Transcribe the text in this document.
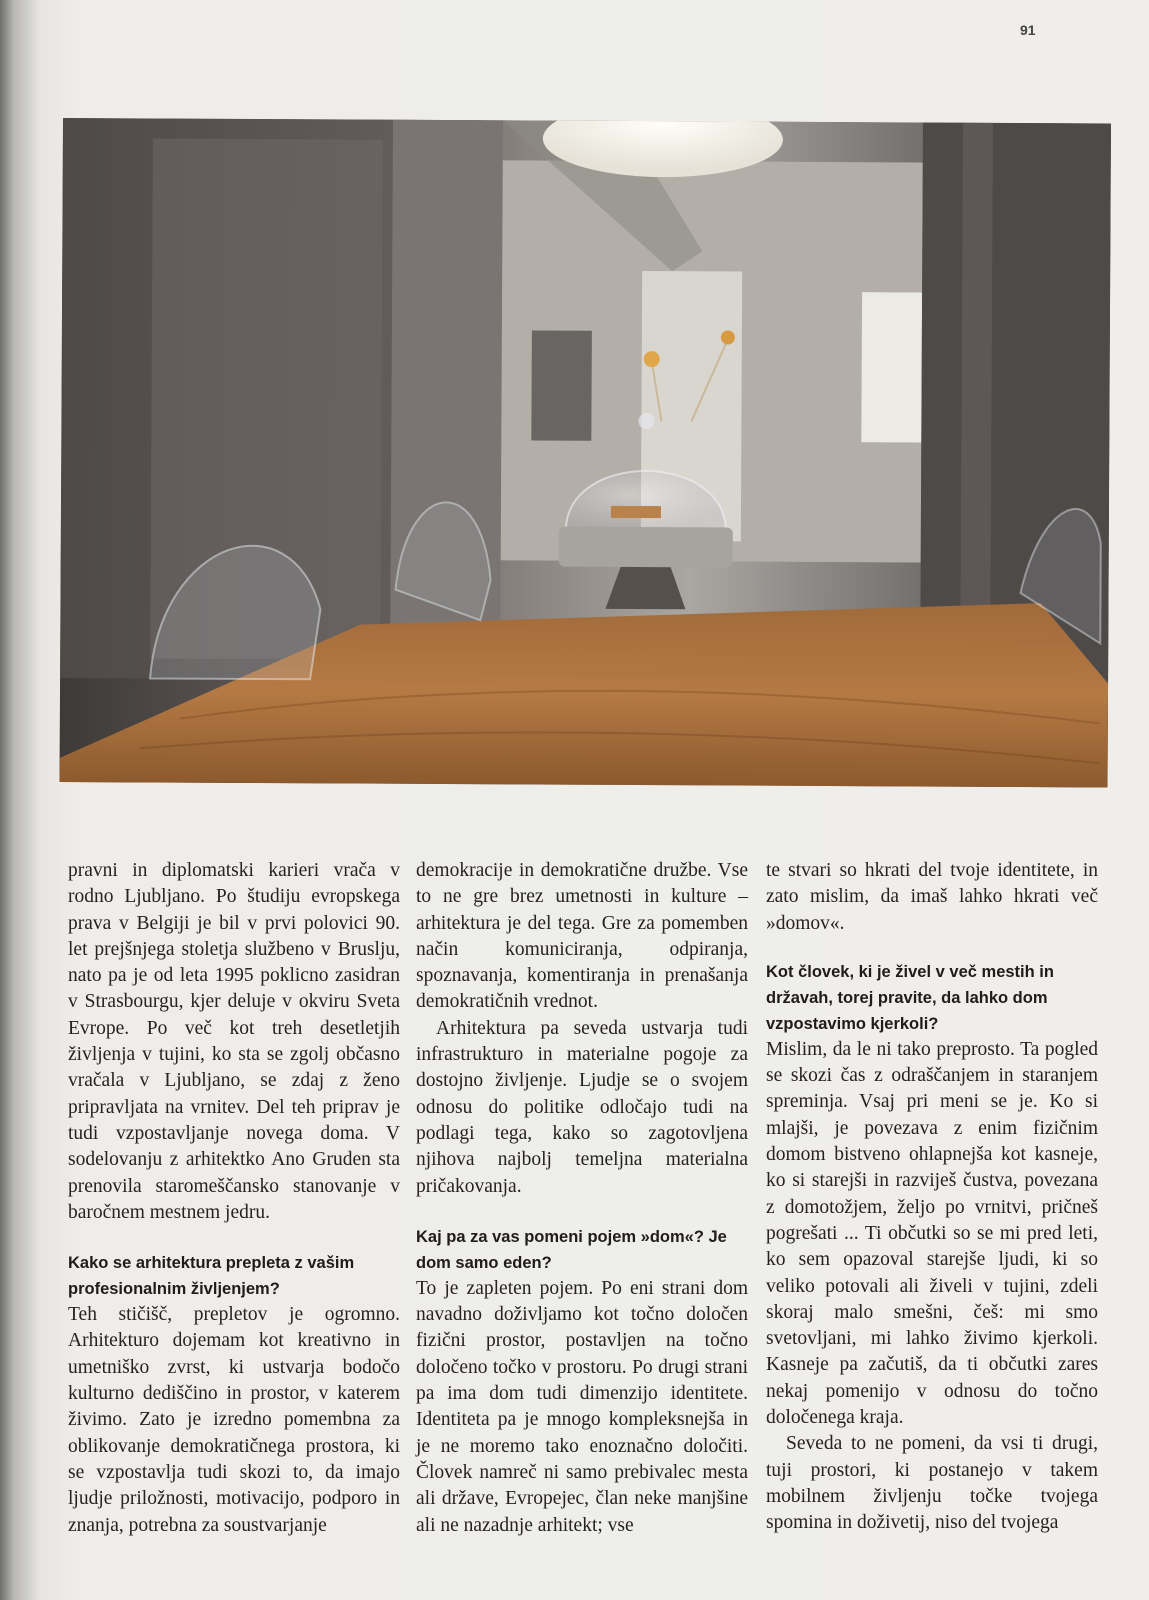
91

pravni in diplomatski karieri vrača v rodno Ljubljano. Po študiju evropskega prava v Belgiji je bil v prvi polovici 90. let prejšnjega stoletja službeno v Bruslju, nato pa je od leta 1995 poklicno zasidran v Strasbourgu, kjer deluje v okviru Sveta Evrope. Po več kot treh desetletjih življenja v tujini, ko sta se zgolj občasno vračala v Ljubljano, se zdaj z ženo pripravljata na vrnitev. Del teh priprav je tudi vzpostavljanje novega doma. V sodelovanju z arhitektko Ano Gruden sta prenovila staromeščansko stanovanje v baročnem mestnem jedru.

Kako se arhitektura prepleta z vašim profesionalnim življenjem?

Teh stičišč, prepletov je ogromno. Arhitekturo dojemam kot kreativno in umetniško zvrst, ki ustvarja bodočo kulturno dediščino in prostor, v katerem živimo. Zato je izredno pomembna za oblikovanje demokratičnega prostora, ki se vzpostavlja tudi skozi to, da imajo ljudje priložnosti, motivacijo, podporo in znanja, potrebna za soustvarjanje

demokracije in demokratične družbe. Vse to ne gre brez umetnosti in kulture – arhitektura je del tega. Gre za pomemben način komuniciranja, odpiranja, spoznavanja, komentiranja in prenašanja demokratičnih vrednot.

Arhitektura pa seveda ustvarja tudi infrastrukturo in materialne pogoje za dostojno življenje. Ljudje se o svojem odnosu do politike odločajo tudi na podlagi tega, kako so zagotovljena njihova najbolj temeljna materialna pričakovanja.

Kaj pa za vas pomeni pojem »dom«? Je dom samo eden?

To je zapleten pojem. Po eni strani dom navadno doživljamo kot točno določen fizični prostor, postavljen na točno določeno točko v prostoru. Po drugi strani pa ima dom tudi dimenzijo identitete. Identiteta pa je mnogo kompleksnejša in je ne moremo tako enoznačno določiti. Človek namreč ni samo prebivalec mesta ali države, Evropejec, član neke manjšine ali ne nazadnje arhitekt; vse

te stvari so hkrati del tvoje identitete, in zato mislim, da imaš lahko hkrati več »domov«.

Kot človek, ki je živel v več mestih in državah, torej pravite, da lahko dom vzpostavimo kjerkoli?

Mislim, da le ni tako preprosto. Ta pogled se skozi čas z odraščanjem in staranjem spreminja. Vsaj pri meni se je. Ko si mlajši, je povezava z enim fizičnim domom bistveno ohlapnejša kot kasneje, ko si starejši in razviješ čustva, povezana z domotožjem, željo po vrnitvi, pričneš pogrešati ... Ti občutki so se mi pred leti, ko sem opazoval starejše ljudi, ki so veliko potovali ali živeli v tujini, zdeli skoraj malo smešni, češ: mi smo svetovljani, mi lahko živimo kjerkoli. Kasneje pa začutiš, da ti občutki zares nekaj pomenijo v odnosu do točno določenega kraja.

Seveda to ne pomeni, da vsi ti drugi, tuji prostori, ki postanejo v takem mobilnem življenju točke tvojega spomina in doživetij, niso del tvojega
